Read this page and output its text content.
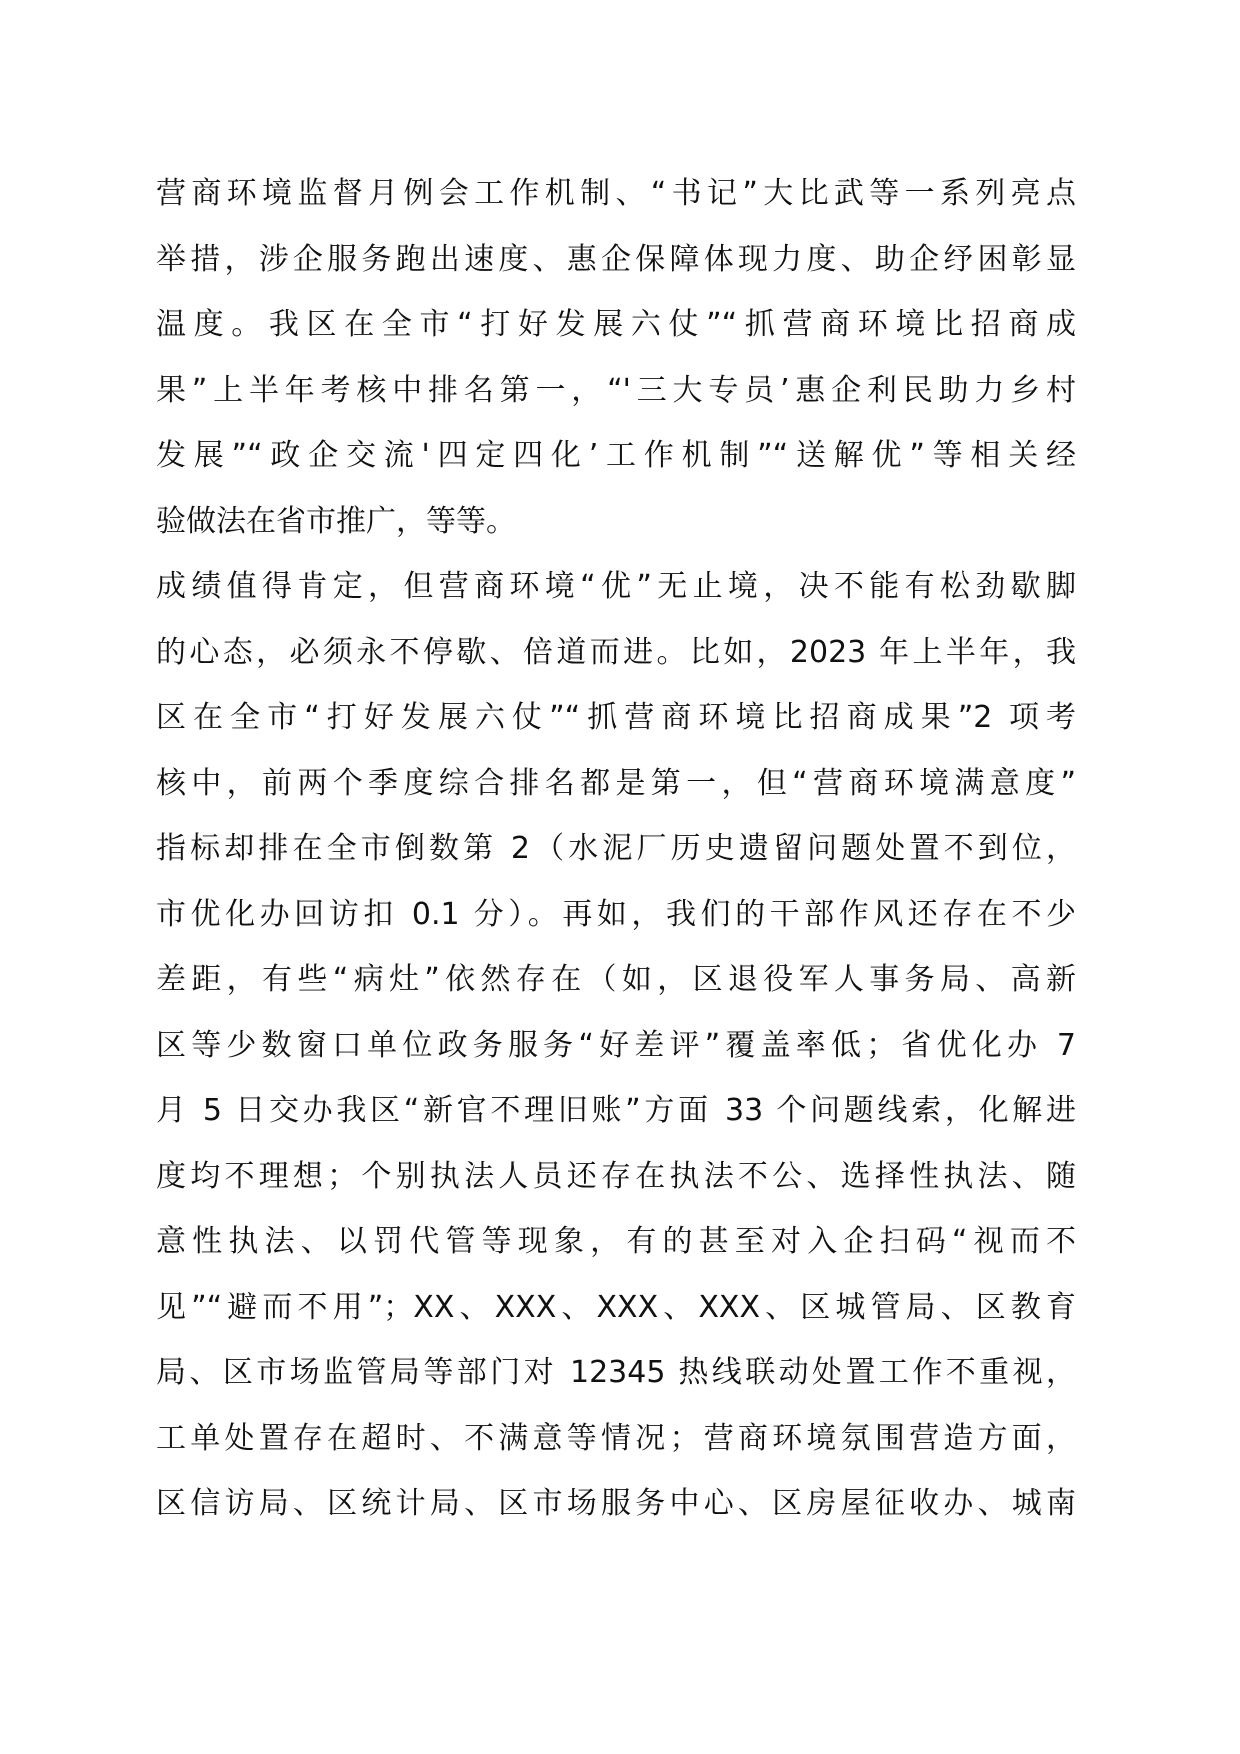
营商环境监督月例会工作机制、“书记”大比武等一系列亮点
举措，涉企服务跑出速度、惠企保障体现力度、助企纾困彰显
温度。我区在全市“打好发展六仗”“抓营商环境比招商成
果”上半年考核中排名第一，“'三大专员’惠企利民助力乡村
发展”“政企交流'四定四化’工作机制”“送解优”等相关经
验做法在省市推广，等等。
成绩值得肯定，但营商环境“优”无止境，决不能有松劲歇脚
的心态，必须永不停歇、倍道而进。比如，2023 年上半年，我
区在全市“打好发展六仗”“抓营商环境比招商成果”2 项考
核中，前两个季度综合排名都是第一，但“营商环境满意度”
指标却排在全市倒数第 2（水泥厂历史遗留问题处置不到位，
市优化办回访扣 0.1 分）。再如，我们的干部作风还存在不少
差距，有些“病灶”依然存在（如，区退役军人事务局、高新
区等少数窗口单位政务服务“好差评”覆盖率低；省优化办 7
月 5 日交办我区“新官不理旧账”方面 33 个问题线索，化解进
度均不理想；个别执法人员还存在执法不公、选择性执法、随
意性执法、以罚代管等现象，有的甚至对入企扫码“视而不
见”“避而不用”；XX、XXX、XXX、XXX、区城管局、区教育
局、区市场监管局等部门对 12345 热线联动处置工作不重视，
工单处置存在超时、不满意等情况；营商环境氛围营造方面，
区信访局、区统计局、区市场服务中心、区房屋征收办、城南
